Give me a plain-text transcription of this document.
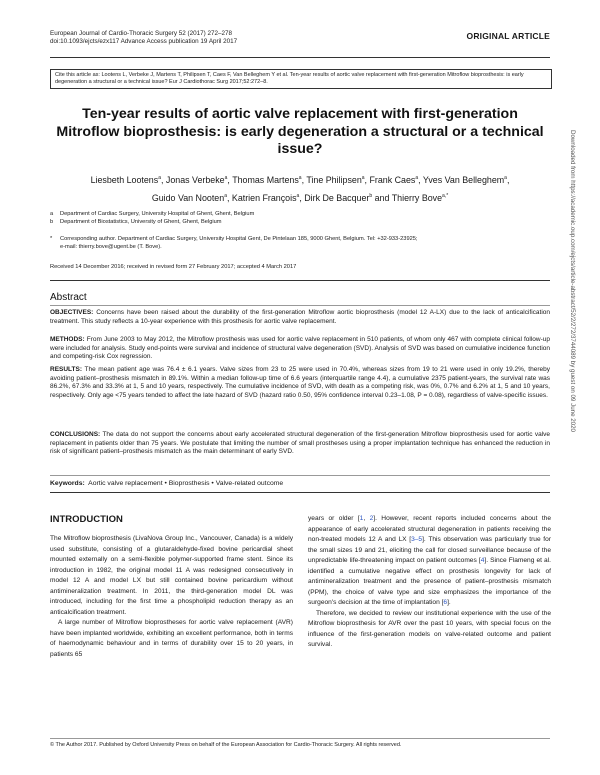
European Journal of Cardio-Thoracic Surgery 52 (2017) 272–278
doi:10.1093/ejcts/ezx117 Advance Access publication 19 April 2017
ORIGINAL ARTICLE
Cite this article as: Lootens L, Verbeke J, Martens T, Philipsen T, Caes F, Van Belleghem Y et al. Ten-year results of aortic valve replacement with first-generation Mitroflow bioprosthesis: is early degeneration a structural or a technical issue? Eur J Cardiothorac Surg 2017;52:272–8.
Ten-year results of aortic valve replacement with first-generation Mitroflow bioprosthesis: is early degeneration a structural or a technical issue?
Liesbeth Lootens$^a$, Jonas Verbeke$^a$, Thomas Martens$^a$, Tine Philipsen$^a$, Frank Caes$^a$, Yves Van Belleghem$^a$,
Guido Van Nooten$^a$, Katrien François$^a$, Dirk De Bacquer$^b$ and Thierry Bove$^{a,*}$
a Department of Cardiac Surgery, University Hospital of Ghent, Ghent, Belgium
b Department of Biostatistics, University of Ghent, Ghent, Belgium
* Corresponding author. Department of Cardiac Surgery, University Hospital Gent, De Pintelaan 185, 9000 Ghent, Belgium. Tel: +32-933-23925;
e-mail: thierry.bove@ugent.be (T. Bove).
Received 14 December 2016; received in revised form 27 February 2017; accepted 4 March 2017
Abstract
OBJECTIVES: Concerns have been raised about the durability of the first-generation Mitroflow aortic bioprosthesis (model 12 A-LX) due to the lack of anticalcification treatment. This study reflects a 10-year experience with this prosthesis for aortic valve replacement.
METHODS: From June 2003 to May 2012, the Mitroflow prosthesis was used for aortic valve replacement in 510 patients, of whom only 467 with complete clinical follow-up were included for analysis. Study end-points were survival and incidence of structural valve degeneration (SVD). Analysis of SVD was based on cumulative incidence function and competing-risk Cox regression.
RESULTS: The mean patient age was 76.4 ± 6.1 years. Valve sizes from 23 to 25 were used in 70.4%, whereas sizes from 19 to 21 were used in only 19.2%, thereby avoiding patient–prosthesis mismatch in 89.1%. Within a median follow-up time of 6.6 years (interquartile range 4.4), a cumulative 2375 patient-years, the survival rate was 86.2%, 67.3% and 33.3% at 1, 5 and 10 years, respectively. The cumulative incidence of SVD, with death as a competing risk, was 0%, 0.7% and 6.2% at 1, 5 and 10 years, respectively. Only age <75 years tended to affect the late hazard of SVD (hazard ratio 0.50, 95% confidence interval 0.23–1.08, P = 0.08), regardless of valve-specific issues.
CONCLUSIONS: The data do not support the concerns about early accelerated structural degeneration of the first-generation Mitroflow bioprosthesis used for aortic valve replacement in patients older than 75 years. We postulate that limiting the number of small prostheses using a proper implantation technique has enhanced the reduction in risk of significant patient–prosthesis mismatch as the main determinant of early SVD.
Keywords: Aortic valve replacement • Bioprosthesis • Valve-related outcome
INTRODUCTION

The Mitroflow bioprosthesis (LivaNova Group Inc., Vancouver, Canada) is a widely used substitute, consisting of a glutaraldehyde-fixed bovine pericardial sheet mounted externally on a semi-flexible polymer-supported frame stent. Since its introduction in 1982, the original model 11 A was redesigned consecutively in model 12 A and model LX but still contained bovine pericardium without antimineralization treatment. In 2011, the third-generation model DL was introduced, including for the first time a phospholipid reduction therapy as an anticalcification treatment.

A large number of Mitroflow bioprostheses for aortic valve replacement (AVR) have been implanted worldwide, exhibiting an excellent performance, both in terms of haemodynamic behaviour and in terms of durability over 15 to 20 years, in patients 65

years or older [1, 2]. However, recent reports included concerns about the appearance of early accelerated structural degeneration in patients receiving the non-treated models 12 A and LX [3–5]. This observation was particularly true for the small sizes 19 and 21, eliciting the call for closed surveillance because of the unpredictable life-threatening impact on patient outcomes [4]. Since Flameng et al. identified a cumulative negative effect on prosthesis longevity for lack of antimineralization treatment and the presence of patient–prosthesis mismatch (PPM), the choice of valve type and size emphasizes the importance of the surgeon's decision at the time of implantation [6].

Therefore, we decided to review our institutional experience with the use of the Mitroflow bioprosthesis for AVR over the past 10 years, with special focus on the influence of the first-generation models on valve-related outcome and patient survival.

© The Author 2017. Published by Oxford University Press on behalf of the European Association for Cardio-Thoracic Surgery. All rights reserved.
Downloaded from https://academic.oup.com/ejcts/article-abstract/52/2/272/3744089 by guest on 09 June 2020
